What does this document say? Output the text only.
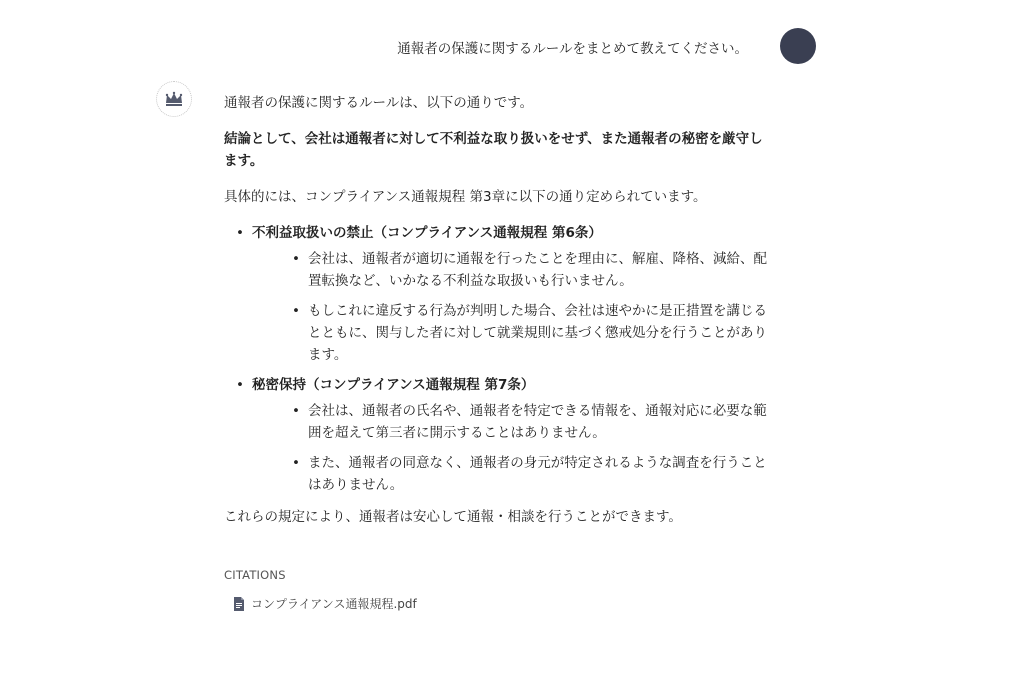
通報者の保護に関するルールをまとめて教えてください。

通報者の保護に関するルールは、以下の通りです。

結論として、会社は通報者に対して不利益な取り扱いをせず、また通報者の秘密を厳守します。

具体的には、コンプライアンス通報規程 第3章に以下の通り定められています。

• 不利益取扱いの禁止（コンプライアンス通報規程 第6条）
• 会社は、通報者が適切に通報を行ったことを理由に、解雇、降格、減給、配置転換など、いかなる不利益な取扱いも行いません。
• もしこれに違反する行為が判明した場合、会社は速やかに是正措置を講じるとともに、関与した者に対して就業規則に基づく懲戒処分を行うことがあります。
• 秘密保持（コンプライアンス通報規程 第7条）
• 会社は、通報者の氏名や、通報者を特定できる情報を、通報対応に必要な範囲を超えて第三者に開示することはありません。
• また、通報者の同意なく、通報者の身元が特定されるような調査を行うことはありません。

これらの規定により、通報者は安心して通報・相談を行うことができます。

CITATIONS
コンプライアンス通報規程.pdf
